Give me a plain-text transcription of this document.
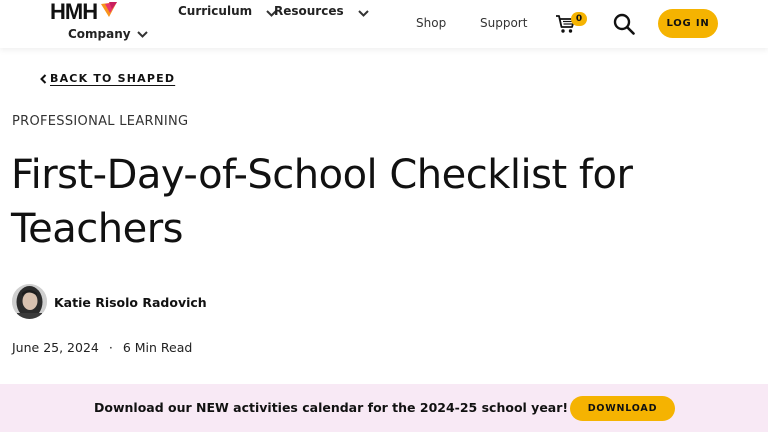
HMH
Company
Curriculum Resources
Shop	Support	0	LOG IN
BACK TO SHAPED
PROFESSIONAL LEARNING
First-Day-of-School Checklist for Teachers
Katie Risolo Radovich
June 25, 2024 · 6 Min Read
Download our NEW activities calendar for the 2024-25 school year!	DOWNLOAD
